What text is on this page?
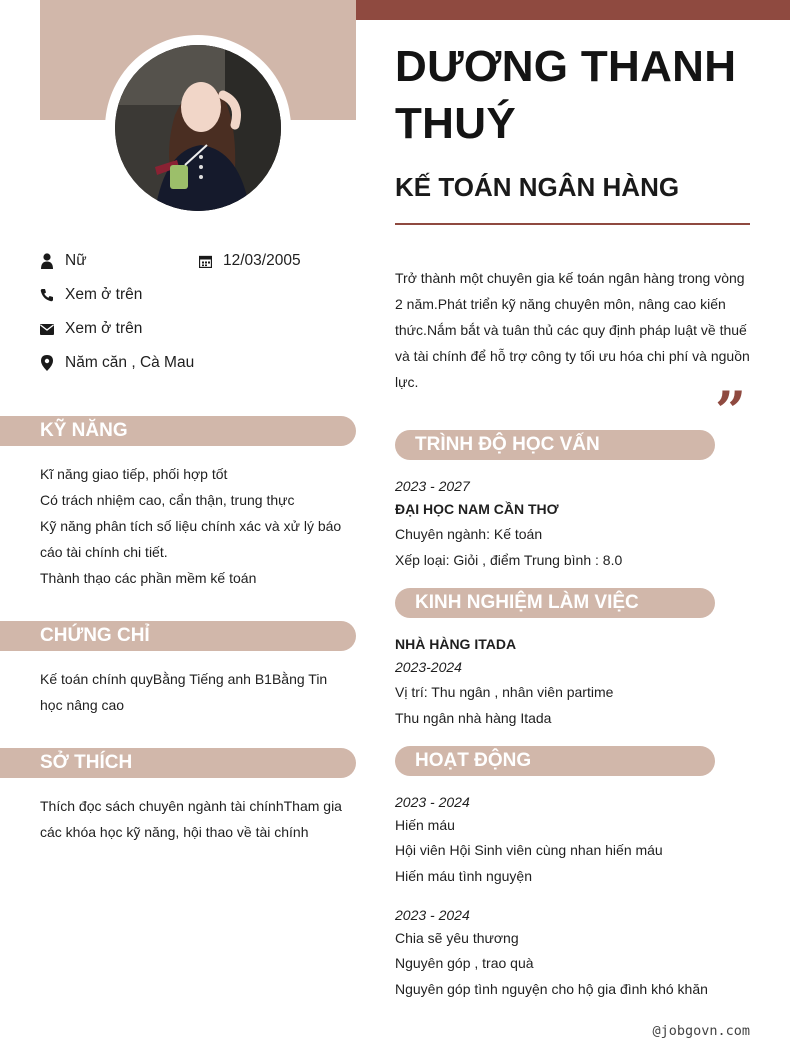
Nữ	12/03/2005
Xem ở trên
Xem ở trên
Năm căn , Cà Mau
KỸ NĂNG
Kĩ năng giao tiếp, phối hợp tốt
Có trách nhiệm cao, cẩn thận, trung thực
Kỹ năng phân tích số liệu chính xác và xử lý báo cáo tài chính chi tiết.
Thành thạo các phần mềm kế toán
CHỨNG CHỈ
Kế toán chính quyBằng Tiếng anh B1Bằng Tin học nâng cao
SỞ THÍCH
Thích đọc sách chuyên ngành tài chínhTham gia các khóa học kỹ năng, hội thao về tài chính
DƯƠNG THANH
THUÝ
KẾ TOÁN NGÂN HÀNG
Trở thành một chuyên gia kế toán ngân hàng trong vòng 2 năm.Phát triển kỹ năng chuyên môn, nâng cao kiến thức.Nắm bắt và tuân thủ các quy định pháp luật về thuế và tài chính để hỗ trợ công ty tối ưu hóa chi phí và nguồn lực.	”
TRÌNH ĐỘ HỌC VẤN
2023 - 2027
ĐẠI HỌC NAM CẦN THƠ
Chuyên ngành: Kế toán
Xếp loại: Giỏi , điểm Trung bình : 8.0
KINH NGHIỆM LÀM VIỆC
NHÀ HÀNG ITADA
2023-2024
Vị trí: Thu ngân , nhân viên partime
Thu ngân nhà hàng Itada
HOẠT ĐỘNG
2023 - 2024
Hiến máu
Hội viên Hội Sinh viên cùng nhan hiến máu
Hiến máu tình nguyện
2023 - 2024
Chia sẽ yêu thương
Nguyên góp , trao quà
Nguyên góp tình nguyện cho hộ gia đình khó khăn
@jobgovn.com
